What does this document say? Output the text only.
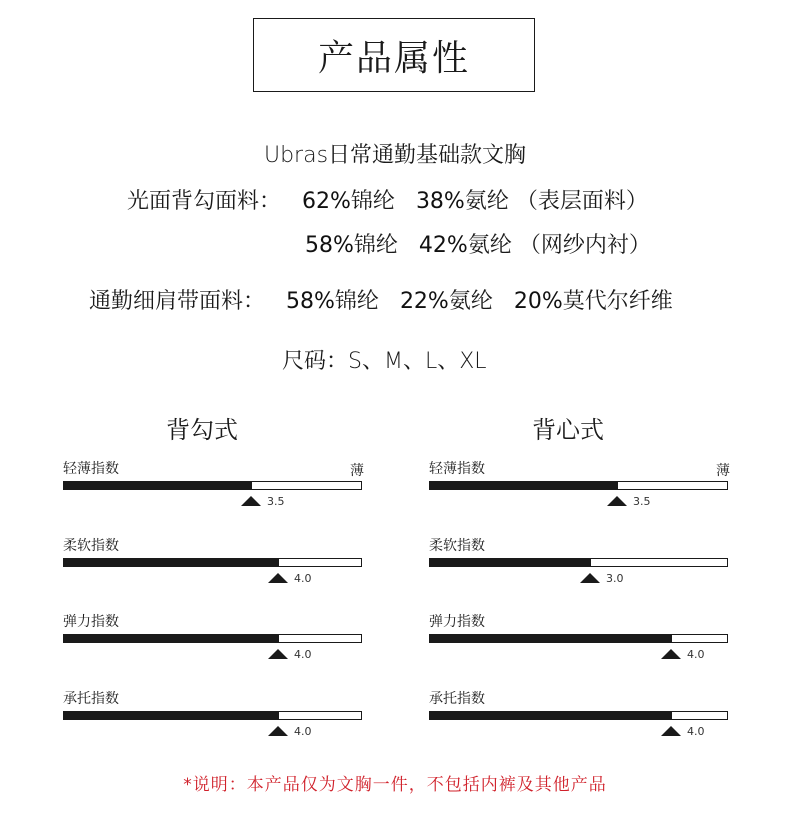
产品属性
Ubras日常通勤基础款文胸
光面背勾面料： 62%锦纶 38%氨纶 （表层面料）
58%锦纶 42%氨纶 （网纱内衬）
通勤细肩带面料： 58%锦纶 22%氨纶 20%莫代尔纤维
尺码：S、M、L、XL
背勾式
薄
轻薄指数
3.5
柔软指数
4.0
弹力指数
4.0
承托指数
4.0
背心式
薄
轻薄指数
3.5
柔软指数
3.0
弹力指数
4.0
承托指数
4.0
*说明：本产品仅为文胸一件，不包括内裤及其他产品
